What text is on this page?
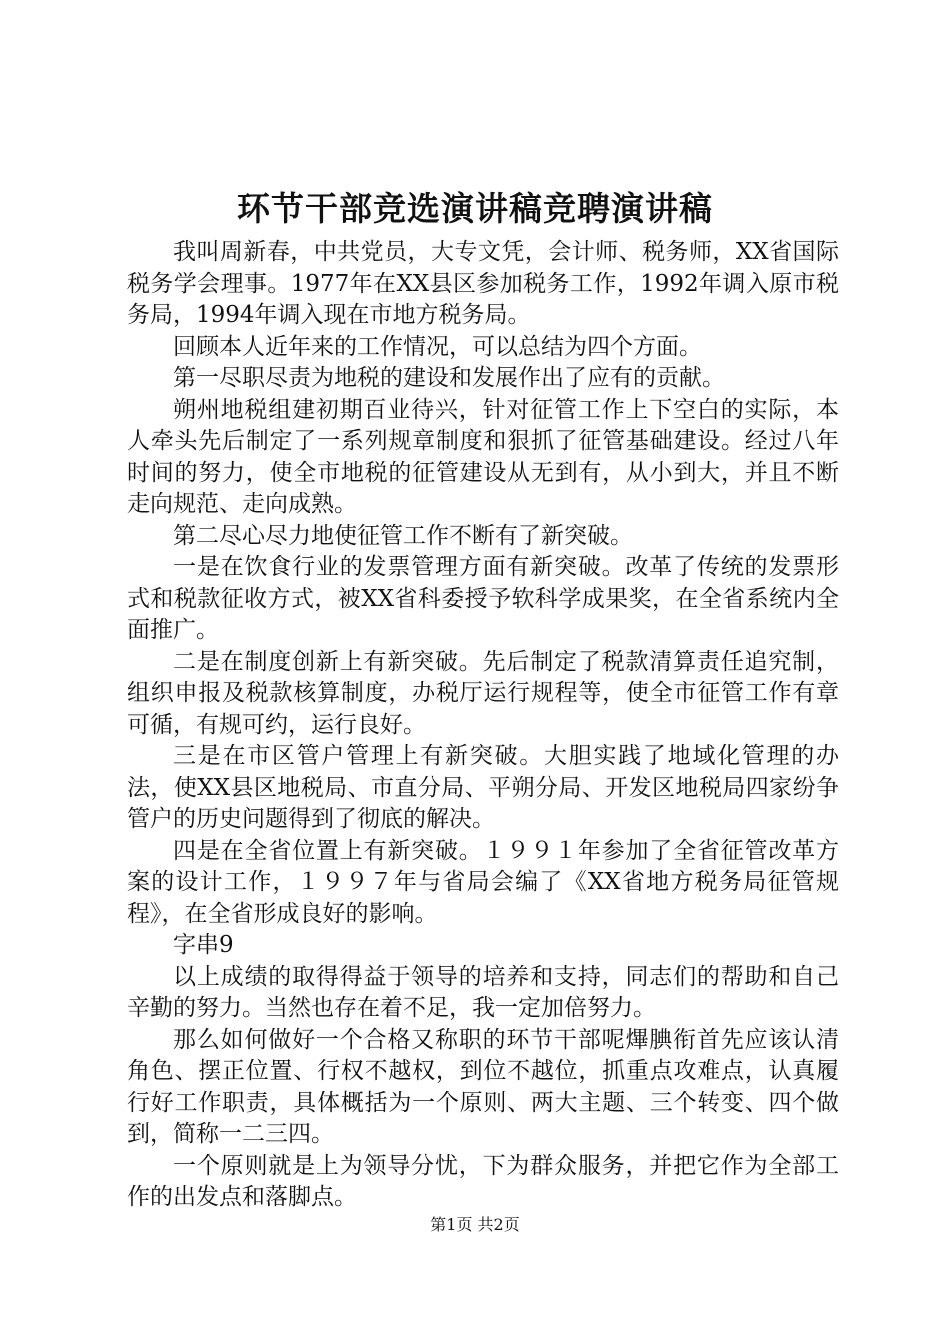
环节干部竞选演讲稿竞聘演讲稿

我叫周新春，中共党员，大专文凭，会计师、税务师，XX省国际税务学会理事。1977年在XX县区参加税务工作，1992年调入原市税务局，1994年调入现在市地方税务局。

回顾本人近年来的工作情况，可以总结为四个方面。

第一尽职尽责为地税的建设和发展作出了应有的贡献。

朔州地税组建初期百业待兴，针对征管工作上下空白的实际，本人牵头先后制定了一系列规章制度和狠抓了征管基础建设。经过八年时间的努力，使全市地税的征管建设从无到有，从小到大，并且不断走向规范、走向成熟。

第二尽心尽力地使征管工作不断有了新突破。

一是在饮食行业的发票管理方面有新突破。改革了传统的发票形式和税款征收方式，被XX省科委授予软科学成果奖，在全省系统内全面推广。

二是在制度创新上有新突破。先后制定了税款清算责任追究制，组织申报及税款核算制度，办税厅运行规程等，使全市征管工作有章可循，有规可约，运行良好。

三是在市区管户管理上有新突破。大胆实践了地域化管理的办法，使XX县区地税局、市直分局、平朔分局、开发区地税局四家纷争管户的历史问题得到了彻底的解决。

四是在全省位置上有新突破。１９９１年参加了全省征管改革方案的设计工作，１９９７年与省局会编了《XX省地方税务局征管规程》，在全省形成良好的影响。

字串9

以上成绩的取得得益于领导的培养和支持，同志们的帮助和自己辛勤的努力。当然也存在着不足，我一定加倍努力。

那么如何做好一个合格又称职的环节干部呢熚腆衔首先应该认清角色、摆正位置、行权不越权，到位不越位，抓重点攻难点，认真履行好工作职责，具体概括为一个原则、两大主题、三个转变、四个做到，简称一二三四。

一个原则就是上为领导分忧，下为群众服务，并把它作为全部工作的出发点和落脚点。

第1页 共2页
